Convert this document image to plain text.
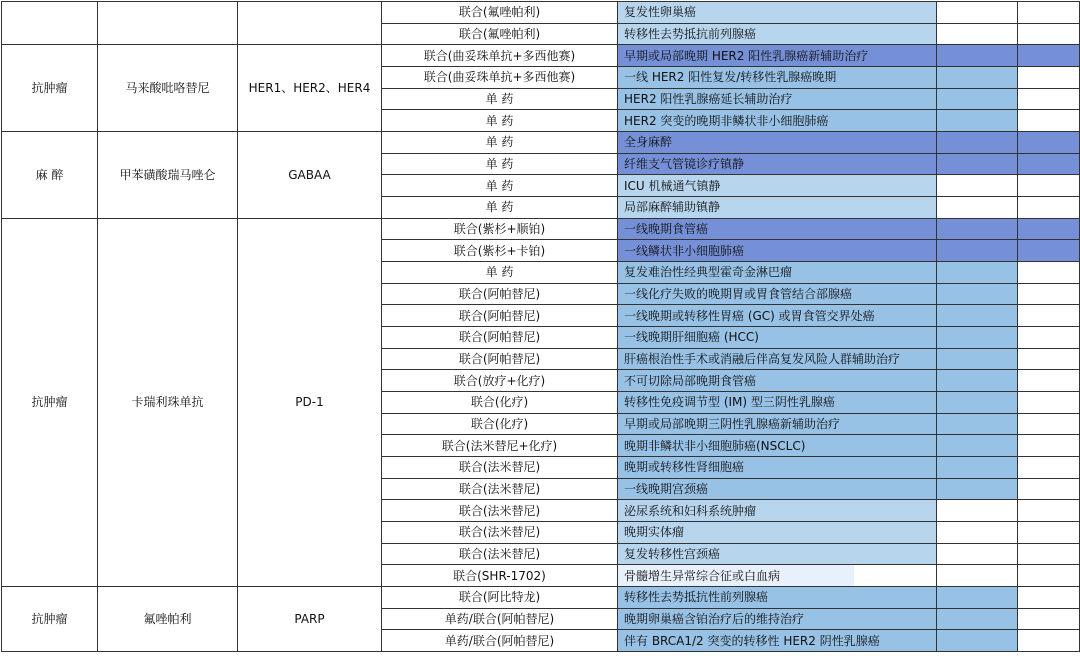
			联合(氟唑帕利)	复发性卵巢癌
			联合(氟唑帕利)	转移性去势抵抗前列腺癌
抗肿瘤	马来酸吡咯替尼	HER1、HER2、HER4	联合(曲妥珠单抗+多西他赛)	早期或局部晚期 HER2 阳性乳腺癌新辅助治疗
			联合(曲妥珠单抗+多西他赛)	一线 HER2 阳性复发/转移性乳腺癌晚期
			单 药	HER2 阳性乳腺癌延长辅助治疗
			单 药	HER2 突变的晚期非鳞状非小细胞肺癌
麻 醉	甲苯磺酸瑞马唑仑	GABAA	单 药	全身麻醉
			单 药	纤维支气管镜诊疗镇静
			单 药	ICU 机械通气镇静
			单 药	局部麻醉辅助镇静
抗肿瘤	卡瑞利珠单抗	PD-1	联合(紫杉+顺铂)	一线晚期食管癌
			联合(紫杉+卡铂)	一线鳞状非小细胞肺癌
			单 药	复发难治性经典型霍奇金淋巴瘤
			联合(阿帕替尼)	一线化疗失败的晚期胃或胃食管结合部腺癌
			联合(阿帕替尼)	一线晚期或转移性胃癌 (GC) 或胃食管交界处癌
			联合(阿帕替尼)	一线晚期肝细胞癌 (HCC)
			联合(阿帕替尼)	肝癌根治性手术或消融后伴高复发风险人群辅助治疗
			联合(放疗+化疗)	不可切除局部晚期食管癌
			联合(化疗)	转移性免疫调节型 (IM) 型三阴性乳腺癌
			联合(化疗)	早期或局部晚期三阴性乳腺癌新辅助治疗
			联合(法米替尼+化疗)	晚期非鳞状非小细胞肺癌(NSCLC)
			联合(法米替尼)	晚期或转移性肾细胞癌
			联合(法米替尼)	一线晚期宫颈癌
			联合(法米替尼)	泌尿系统和妇科系统肿瘤
			联合(法米替尼)	晚期实体瘤
			联合(法米替尼)	复发转移性宫颈癌
			联合(SHR-1702)	骨髓增生异常综合征或白血病
抗肿瘤	氟唑帕利	PARP	联合(阿比特龙)	转移性去势抵抗性前列腺癌
			单药/联合(阿帕替尼)	晚期卵巢癌含铂治疗后的维持治疗
			单药/联合(阿帕替尼)	伴有 BRCA1/2 突变的转移性 HER2 阴性乳腺癌
